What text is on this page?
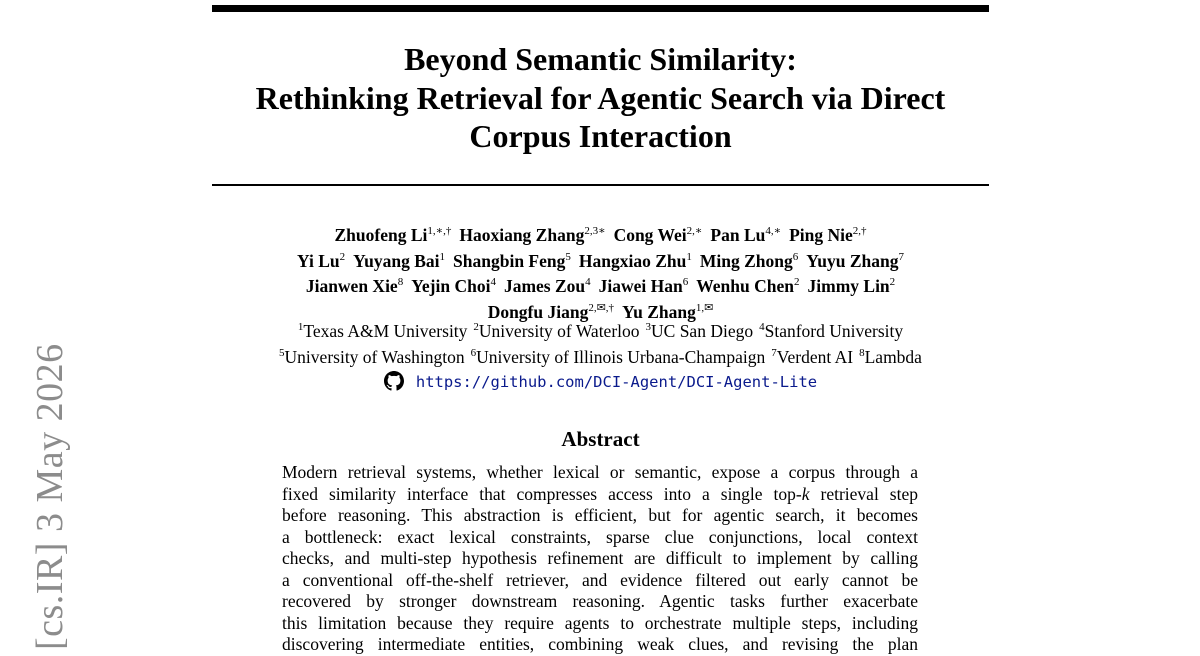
Beyond Semantic Similarity:
Rethinking Retrieval for Agentic Search via Direct
Corpus Interaction
Zhuofeng $Li^{1,∗,\dagger}$ Haoxiang Zhang$^{2,3∗}$ Cong Wei$^{2,∗}$ Pan $Lu^{4,∗}$ Ping Nie$^{2,\dagger}$
Yi Lu$^2$ Yuyang Bai$^1$ Shangbin Feng$^5$ Hangxiao Zhu$^1$ Ming Zhong$^6$ Yuyu Zhang$^7$
Jianwen Xie$^8$ Yejin Choi$^4$ James Zou$^4$ Jiawei Han$^6$ Wenhu Chen$^2$ Jimmy Lin$^2$
Dongfu Jiang$^{2,✉,\dagger}$ Yu Zhang$^{1,✉}$
$^1$Texas A&M University $^2$University of Waterloo $^3$UC San Diego $^4$Stanford University
$^5$University of Washington $^6$University of Illinois Urbana-Champaign $^7$Verdent AI $^8$Lambda
https://github.com/DCI-Agent/DCI-Agent-Lite
Abstract
Modern retrieval systems, whether lexical or semantic, expose a corpus through a
fixed similarity interface that compresses access into a single top-k retrieval step
before reasoning. This abstraction is efficient, but for agentic search, it becomes
a bottleneck: exact lexical constraints, sparse clue conjunctions, local context
checks, and multi-step hypothesis refinement are difficult to implement by calling
a conventional off-the-shelf retriever, and evidence filtered out early cannot be
recovered by stronger downstream reasoning. Agentic tasks further exacerbate
this limitation because they require agents to orchestrate multiple steps, including
discovering intermediate entities, combining weak clues, and revising the plan
[cs.IR] 3 May 2026
